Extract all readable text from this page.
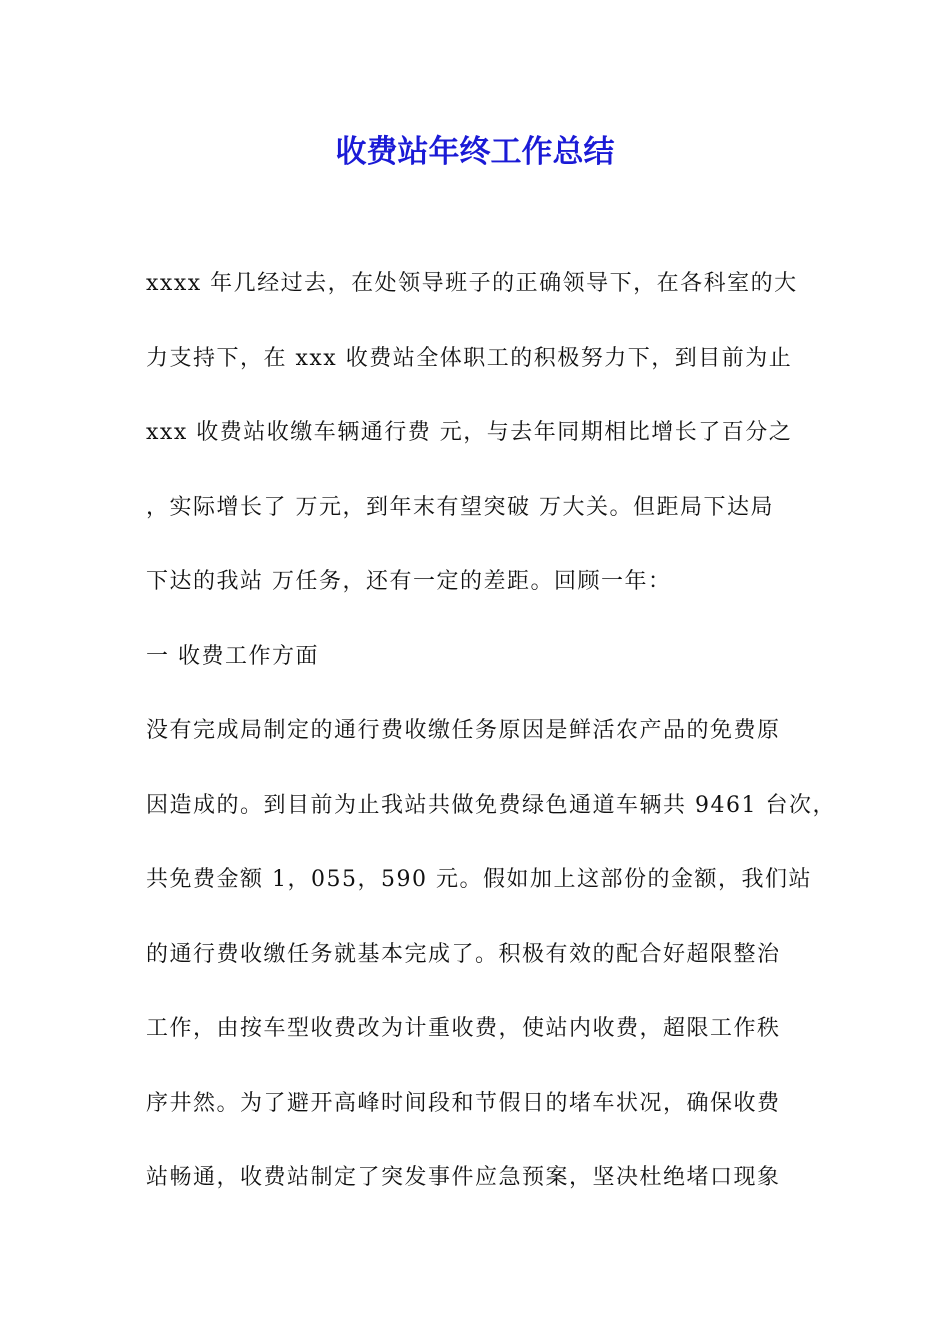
收费站年终工作总结
xxxx 年几经过去，在处领导班子的正确领导下，在各科室的大
力支持下，在 xxx 收费站全体职工的积极努力下，到目前为止
xxx 收费站收缴车辆通行费 元，与去年同期相比增长了百分之
，实际增长了 万元，到年末有望突破 万大关。但距局下达局
下达的我站 万任务，还有一定的差距。回顾一年：
一 收费工作方面
没有完成局制定的通行费收缴任务原因是鲜活农产品的免费原
因造成的。到目前为止我站共做免费绿色通道车辆共 9461 台次，
共免费金额 1，055，590 元。假如加上这部份的金额，我们站
的通行费收缴任务就基本完成了。积极有效的配合好超限整治
工作，由按车型收费改为计重收费，使站内收费，超限工作秩
序井然。为了避开高峰时间段和节假日的堵车状况，确保收费
站畅通，收费站制定了突发事件应急预案，坚决杜绝堵口现象
